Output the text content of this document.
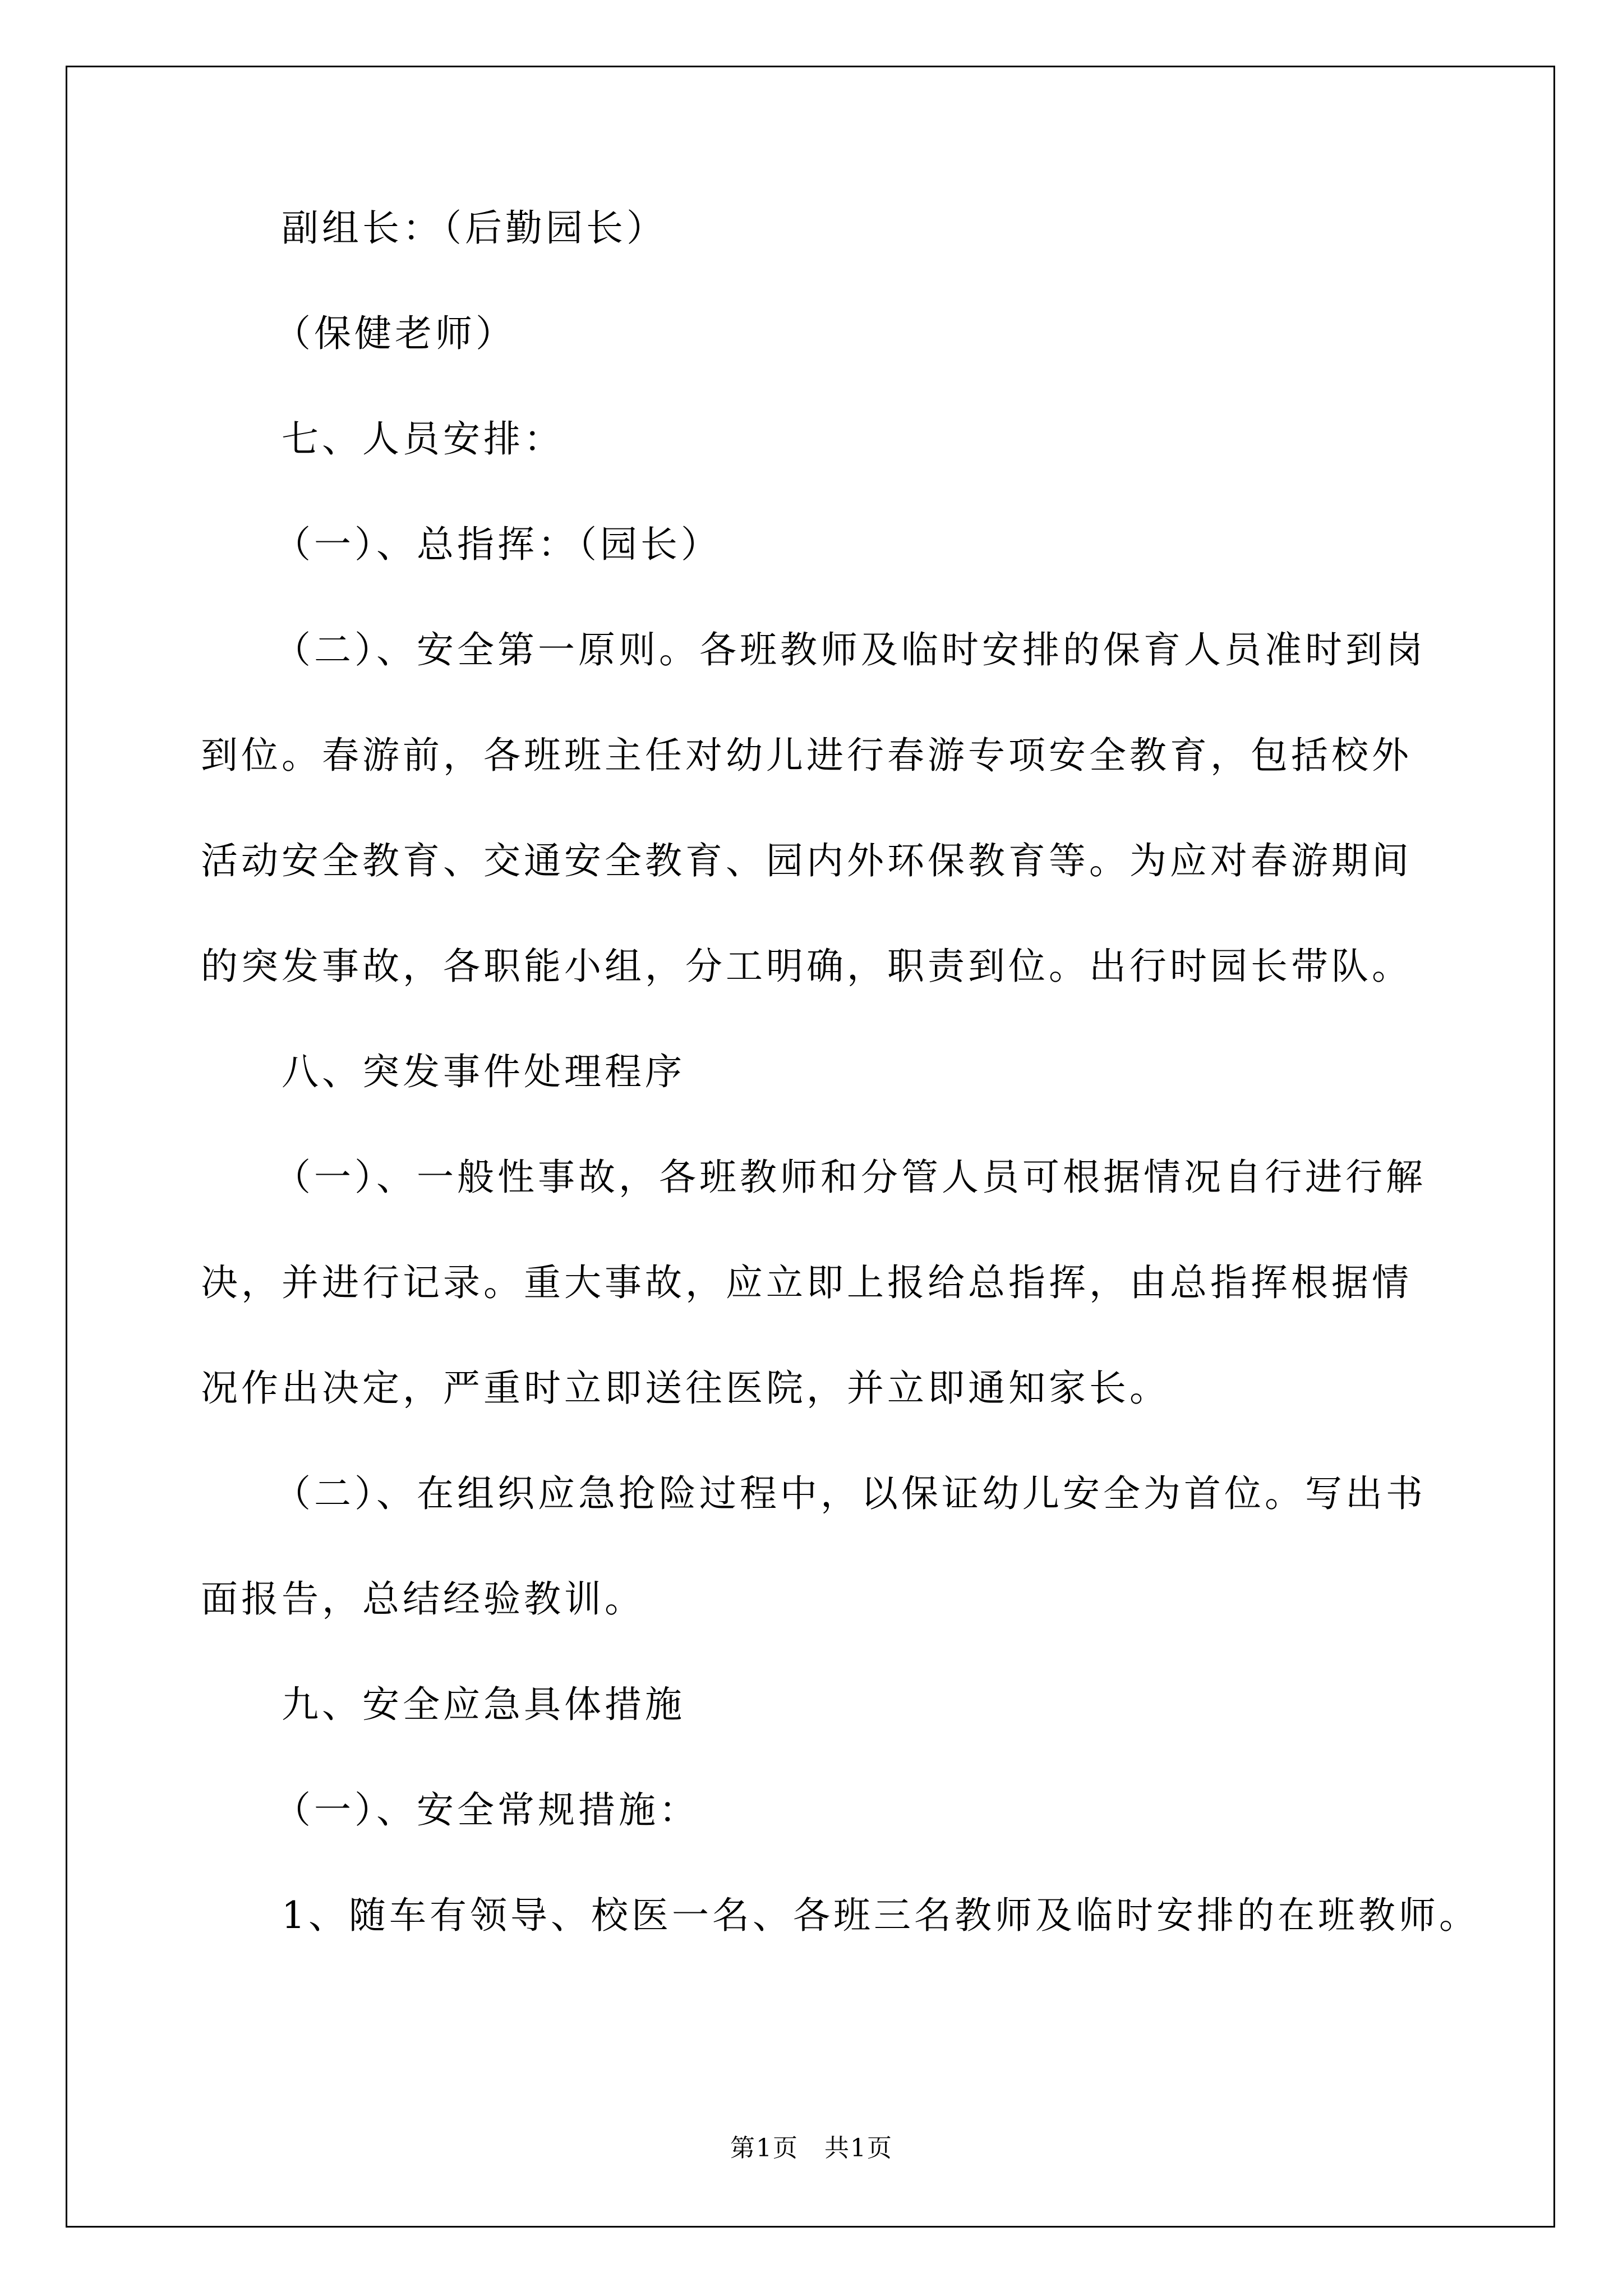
副组长：（后勤园长）
（保健老师）
七、人员安排：
（一）、总指挥：（园长）
（二）、安全第一原则。各班教师及临时安排的保育人员准时到岗
到位。春游前，各班班主任对幼儿进行春游专项安全教育，包括校外
活动安全教育、交通安全教育、园内外环保教育等。为应对春游期间
的突发事故，各职能小组，分工明确，职责到位。出行时园长带队。
八、突发事件处理程序
（一）、一般性事故，各班教师和分管人员可根据情况自行进行解
决，并进行记录。重大事故，应立即上报给总指挥，由总指挥根据情
况作出决定，严重时立即送往医院，并立即通知家长。
（二）、在组织应急抢险过程中，以保证幼儿安全为首位。写出书
面报告，总结经验教训。
九、安全应急具体措施
（一）、安全常规措施：
1、随车有领导、校医一名、各班三名教师及临时安排的在班教师。
第1页　共1页
